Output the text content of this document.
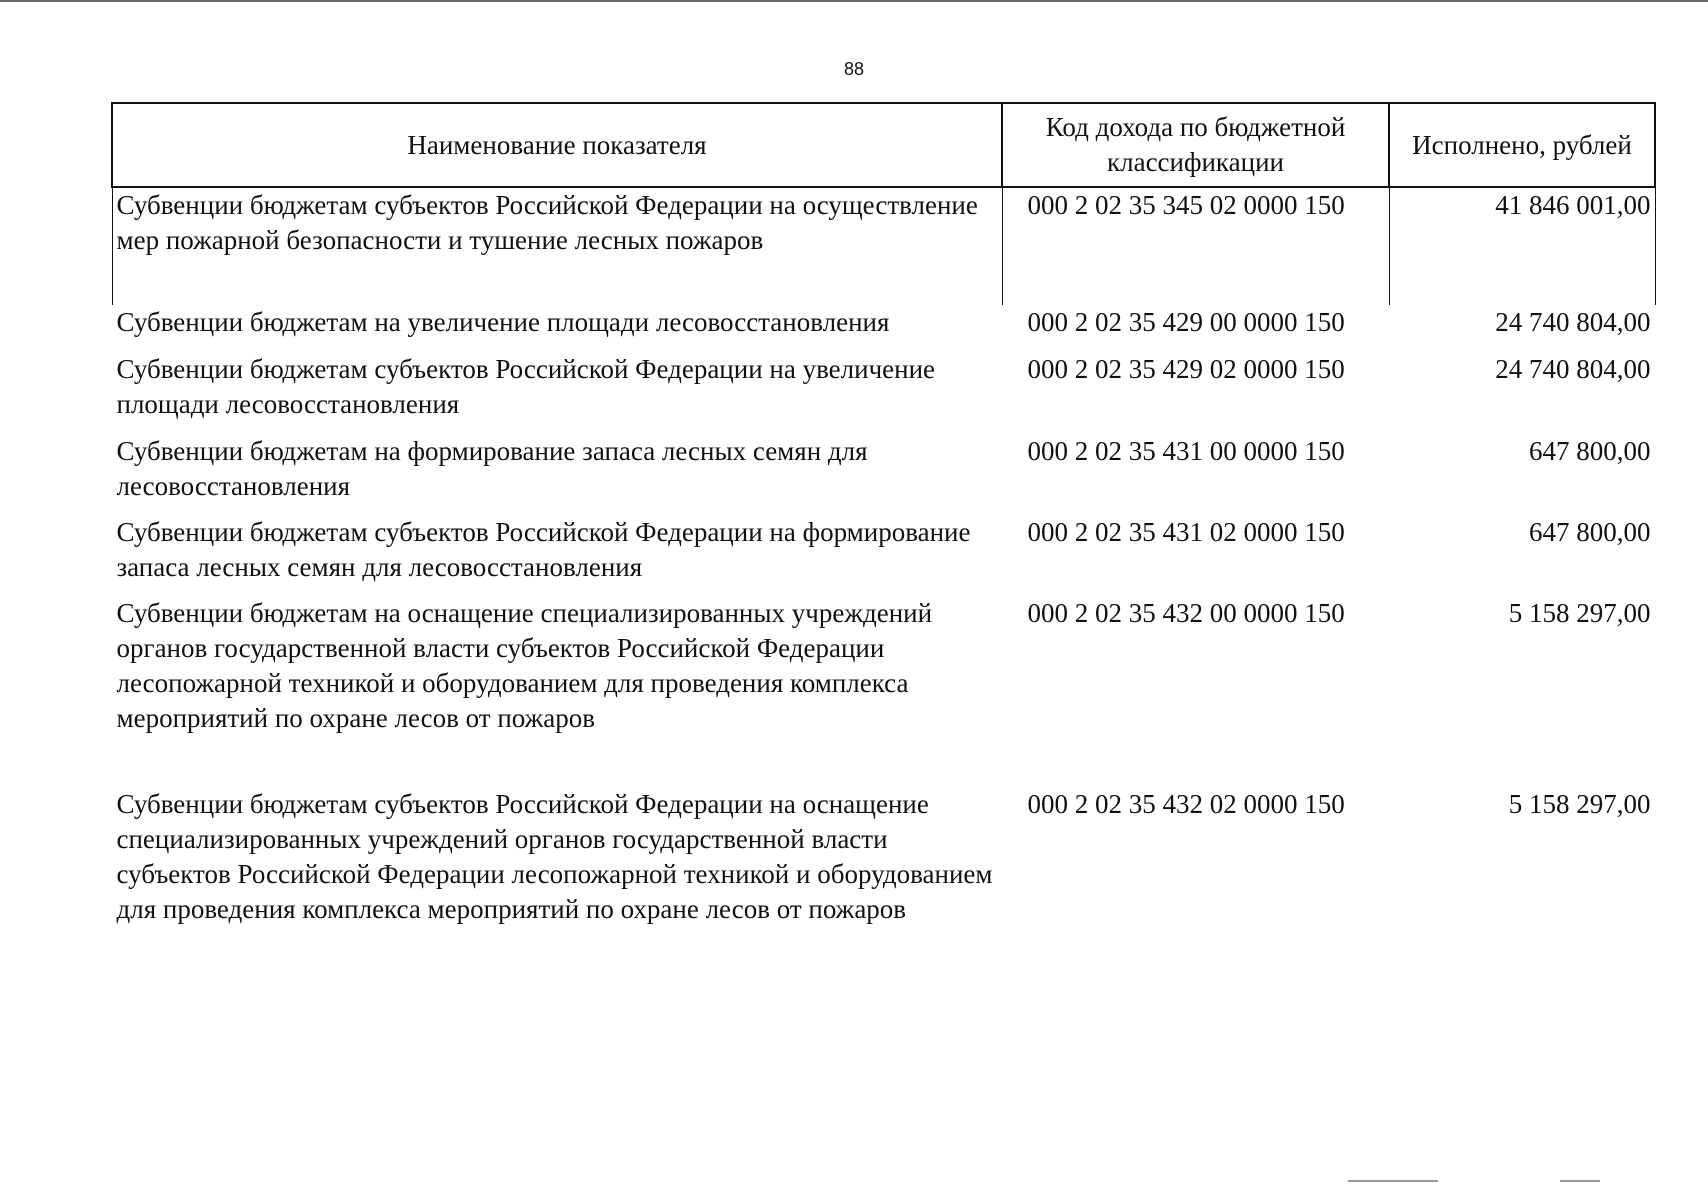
88
Наименование показателя	Код дохода по бюджетной классификации	Исполнено, рублей
Субвенции бюджетам субъектов Российской Федерации на осуществление мер пожарной безопасности и тушение лесных пожаров	000 2 02 35 345 02 0000 150	41 846 001,00
Субвенции бюджетам на увеличение площади лесовосстановления	000 2 02 35 429 00 0000 150	24 740 804,00
Субвенции бюджетам субъектов Российской Федерации на увеличение площади лесовосстановления	000 2 02 35 429 02 0000 150	24 740 804,00
Субвенции бюджетам на формирование запаса лесных семян для лесовосстановления	000 2 02 35 431 00 0000 150	647 800,00
Субвенции бюджетам субъектов Российской Федерации на формирование запаса лесных семян для лесовосстановления	000 2 02 35 431 02 0000 150	647 800,00
Субвенции бюджетам на оснащение специализированных учреждений органов государственной власти субъектов Российской Федерации лесопожарной техникой и оборудованием для проведения комплекса мероприятий по охране лесов от пожаров	000 2 02 35 432 00 0000 150	5 158 297,00
Субвенции бюджетам субъектов Российской Федерации на оснащение специализированных учреждений органов государственной власти субъектов Российской Федерации лесопожарной техникой и оборудованием для проведения комплекса мероприятий по охране лесов от пожаров	000 2 02 35 432 02 0000 150	5 158 297,00
